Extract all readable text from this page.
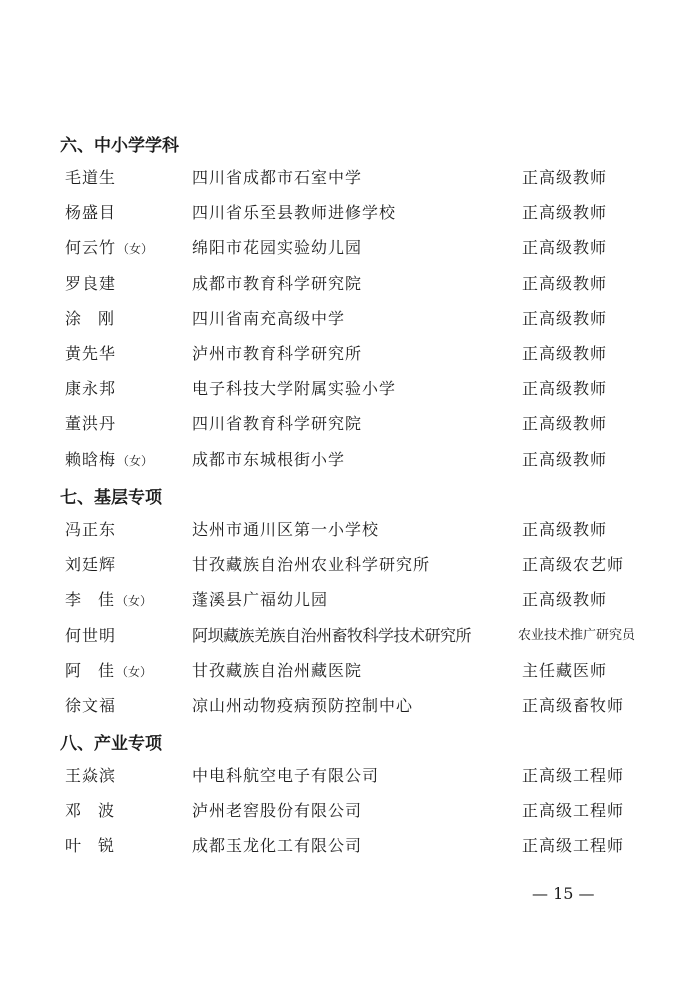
六、中小学学科
毛道生	四川省成都市石室中学	正高级教师
杨盛目	四川省乐至县教师进修学校	正高级教师
何云竹（女） 绵阳市花园实验幼儿园	正高级教师
罗良建	成都市教育科学研究院	正高级教师
涂 刚	四川省南充高级中学	正高级教师
黄先华	泸州市教育科学研究所	正高级教师
康永邦	电子科技大学附属实验小学	正高级教师
董洪丹	四川省教育科学研究院	正高级教师
赖晗梅（女） 成都市东城根街小学	正高级教师
七、基层专项
冯正东	达州市通川区第一小学校	正高级教师
刘廷辉	甘孜藏族自治州农业科学研究所	正高级农艺师
李 佳（女） 蓬溪县广福幼儿园	正高级教师
何世明	阿坝藏族羌族自治州畜牧科学技术研究所	农业技术推广研究员
阿 佳（女） 甘孜藏族自治州藏医院	主任藏医师
徐文福	凉山州动物疫病预防控制中心	正高级畜牧师
八、产业专项
王焱滨	中电科航空电子有限公司	正高级工程师
邓 波	泸州老窖股份有限公司	正高级工程师
叶 锐	成都玉龙化工有限公司	正高级工程师
— 15 —
